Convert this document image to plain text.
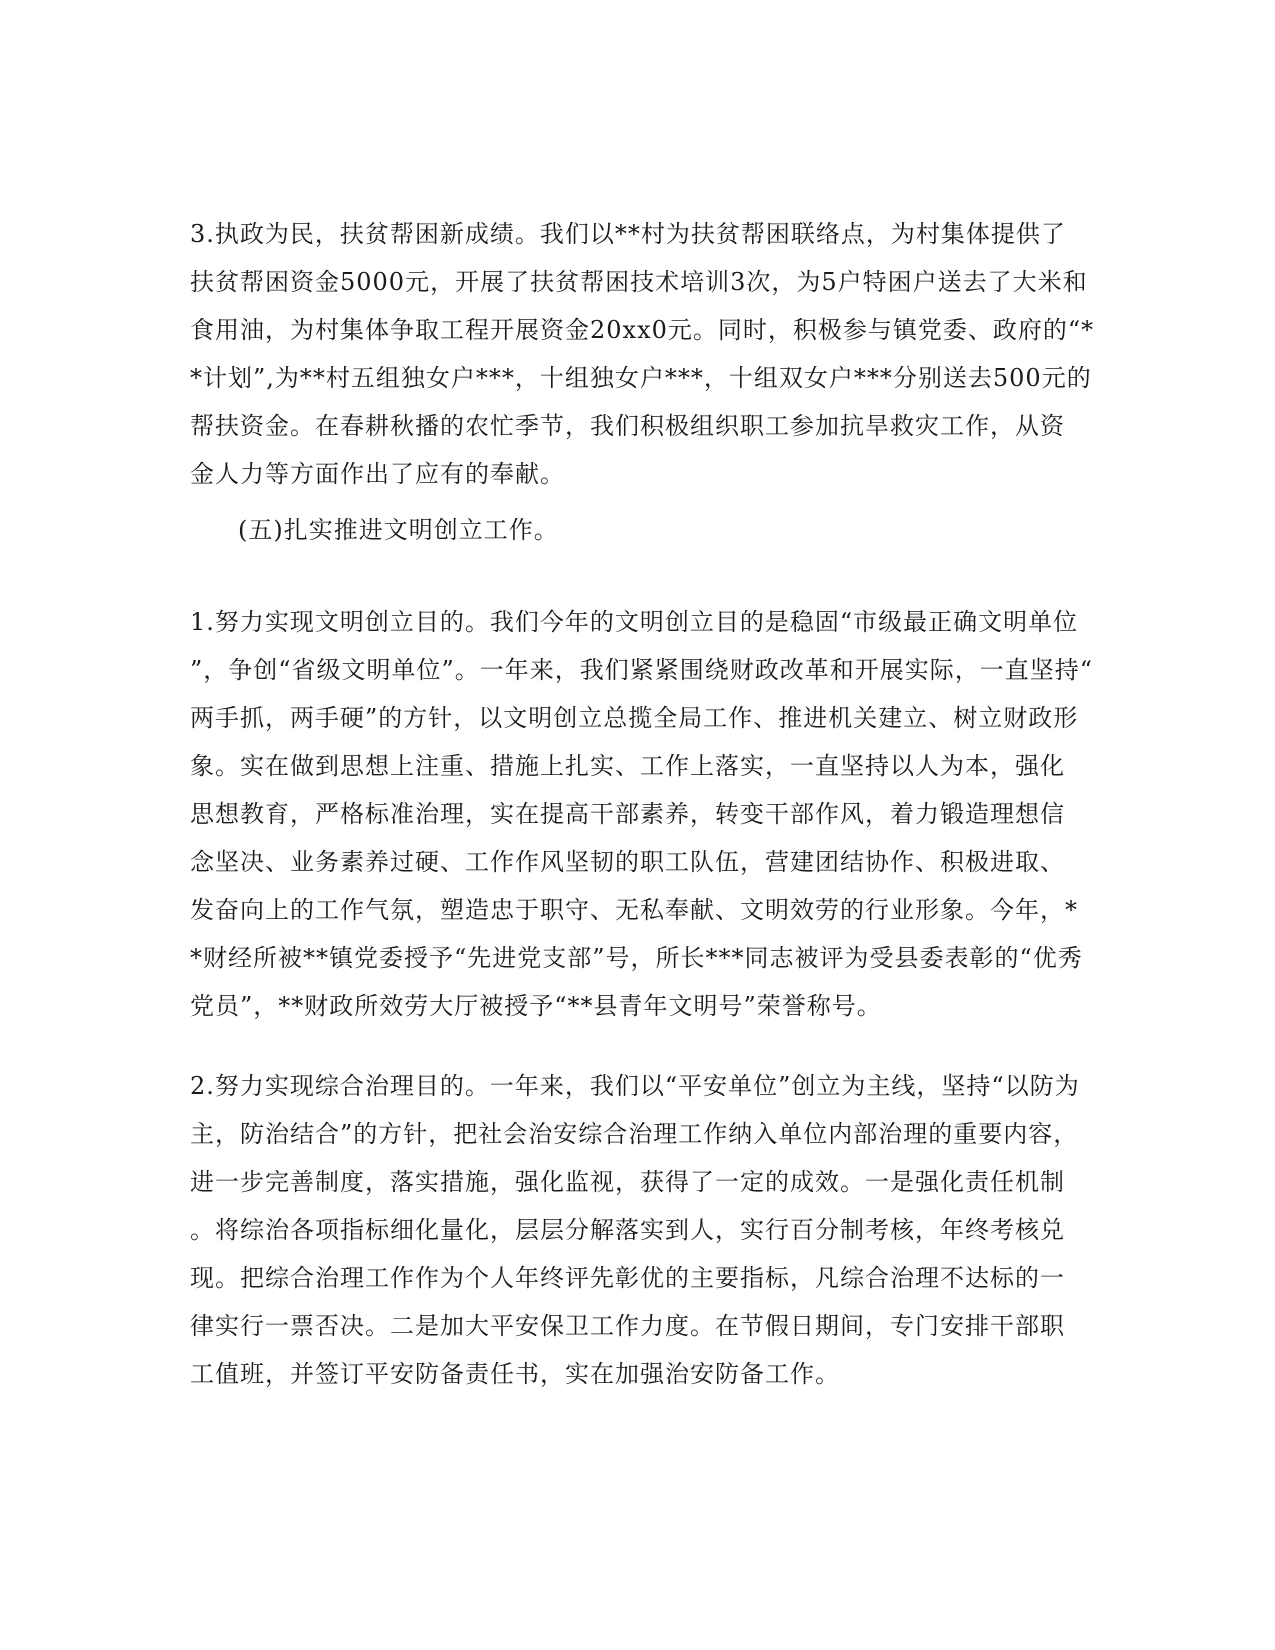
3.执政为民，扶贫帮困新成绩。我们以**村为扶贫帮困联络点，为村集体提供了
扶贫帮困资金5000元，开展了扶贫帮困技术培训3次，为5户特困户送去了大米和
食用油，为村集体争取工程开展资金20xx0元。同时，积极参与镇党委、政府的“*
*计划”,为**村五组独女户***，十组独女户***，十组双女户***分别送去500元的
帮扶资金。在春耕秋播的农忙季节，我们积极组织职工参加抗旱救灾工作，从资
金人力等方面作出了应有的奉献。
(五)扎实推进文明创立工作。
1.努力实现文明创立目的。我们今年的文明创立目的是稳固“市级最正确文明单位
”，争创“省级文明单位”。一年来，我们紧紧围绕财政改革和开展实际，一直坚持“
两手抓，两手硬”的方针，以文明创立总揽全局工作、推进机关建立、树立财政形
象。实在做到思想上注重、措施上扎实、工作上落实，一直坚持以人为本，强化
思想教育，严格标准治理，实在提高干部素养，转变干部作风，着力锻造理想信
念坚决、业务素养过硬、工作作风坚韧的职工队伍，营建团结协作、积极进取、
发奋向上的工作气氛，塑造忠于职守、无私奉献、文明效劳的行业形象。今年，*
*财经所被**镇党委授予“先进党支部”号，所长***同志被评为受县委表彰的“优秀
党员”，**财政所效劳大厅被授予“**县青年文明号”荣誉称号。
2.努力实现综合治理目的。一年来，我们以“平安单位”创立为主线，坚持“以防为
主，防治结合”的方针，把社会治安综合治理工作纳入单位内部治理的重要内容，
进一步完善制度，落实措施，强化监视，获得了一定的成效。一是强化责任机制
。将综治各项指标细化量化，层层分解落实到人，实行百分制考核，年终考核兑
现。把综合治理工作作为个人年终评先彰优的主要指标，凡综合治理不达标的一
律实行一票否决。二是加大平安保卫工作力度。在节假日期间，专门安排干部职
工值班，并签订平安防备责任书，实在加强治安防备工作。
